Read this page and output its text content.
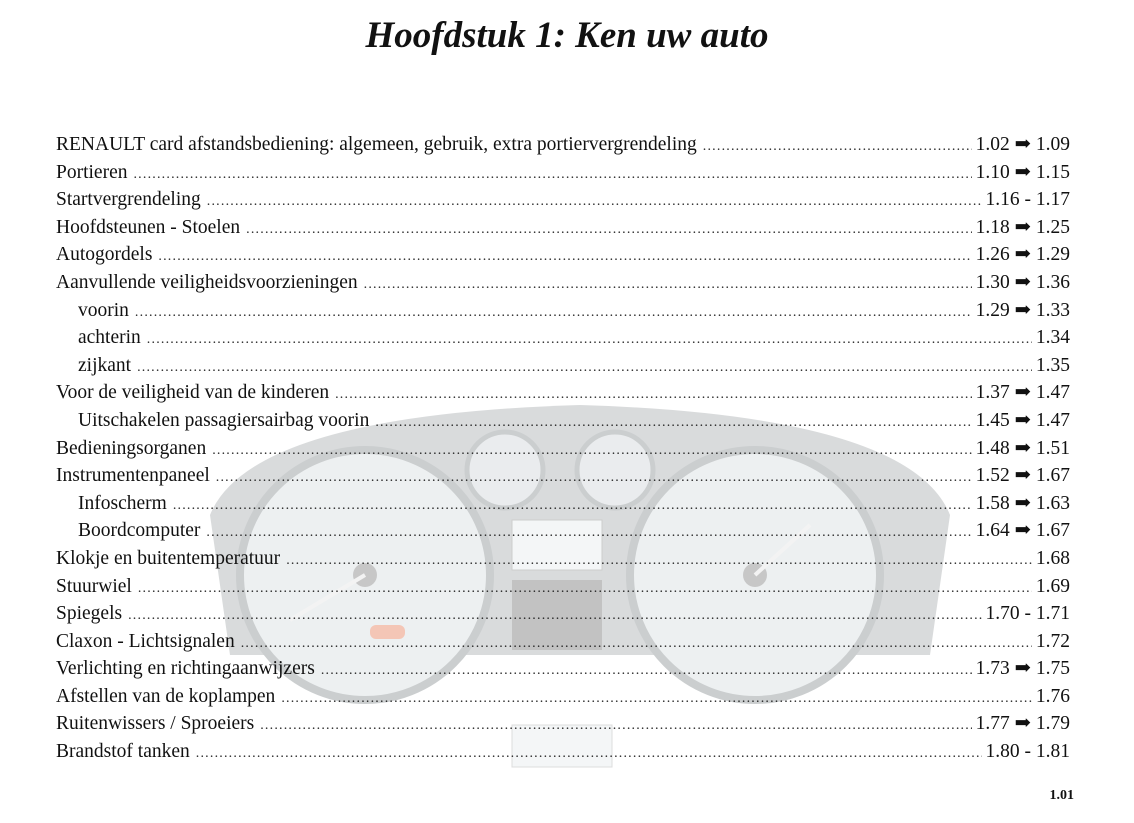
Hoofdstuk 1: Ken uw auto
RENAULT card afstandsbediening: algemeen, gebruik, extra portiervergrendeling .....	1.02 ➡ 1.09
Portieren .....	1.10 ➡ 1.15
Startvergrendeling .....	1.16 - 1.17
Hoofdsteunen - Stoelen .....	1.18 ➡ 1.25
Autogordels .....	1.26 ➡ 1.29
Aanvullende veiligheidsvoorzieningen .....	1.30 ➡ 1.36
voorin .....	1.29 ➡ 1.33
achterin .....	1.34
zijkant .....	1.35
Voor de veiligheid van de kinderen .....	1.37 ➡ 1.47
Uitschakelen passagiersairbag voorin .....	1.45 ➡ 1.47
Bedieningsorganen .....	1.48 ➡ 1.51
Instrumentenpaneel .....	1.52 ➡ 1.67
Infoscherm .....	1.58 ➡ 1.63
Boordcomputer .....	1.64 ➡ 1.67
Klokje en buitentemperatuur .....	1.68
Stuurwiel .....	1.69
Spiegels .....	1.70 - 1.71
Claxon - Lichtsignalen .....	1.72
Verlichting en richtingaanwijzers .....	1.73 ➡ 1.75
Afstellen van de koplampen .....	1.76
Ruitenwissers / Sproeiers .....	1.77 ➡ 1.79
Brandstof tanken .....	1.80 - 1.81
1.01
